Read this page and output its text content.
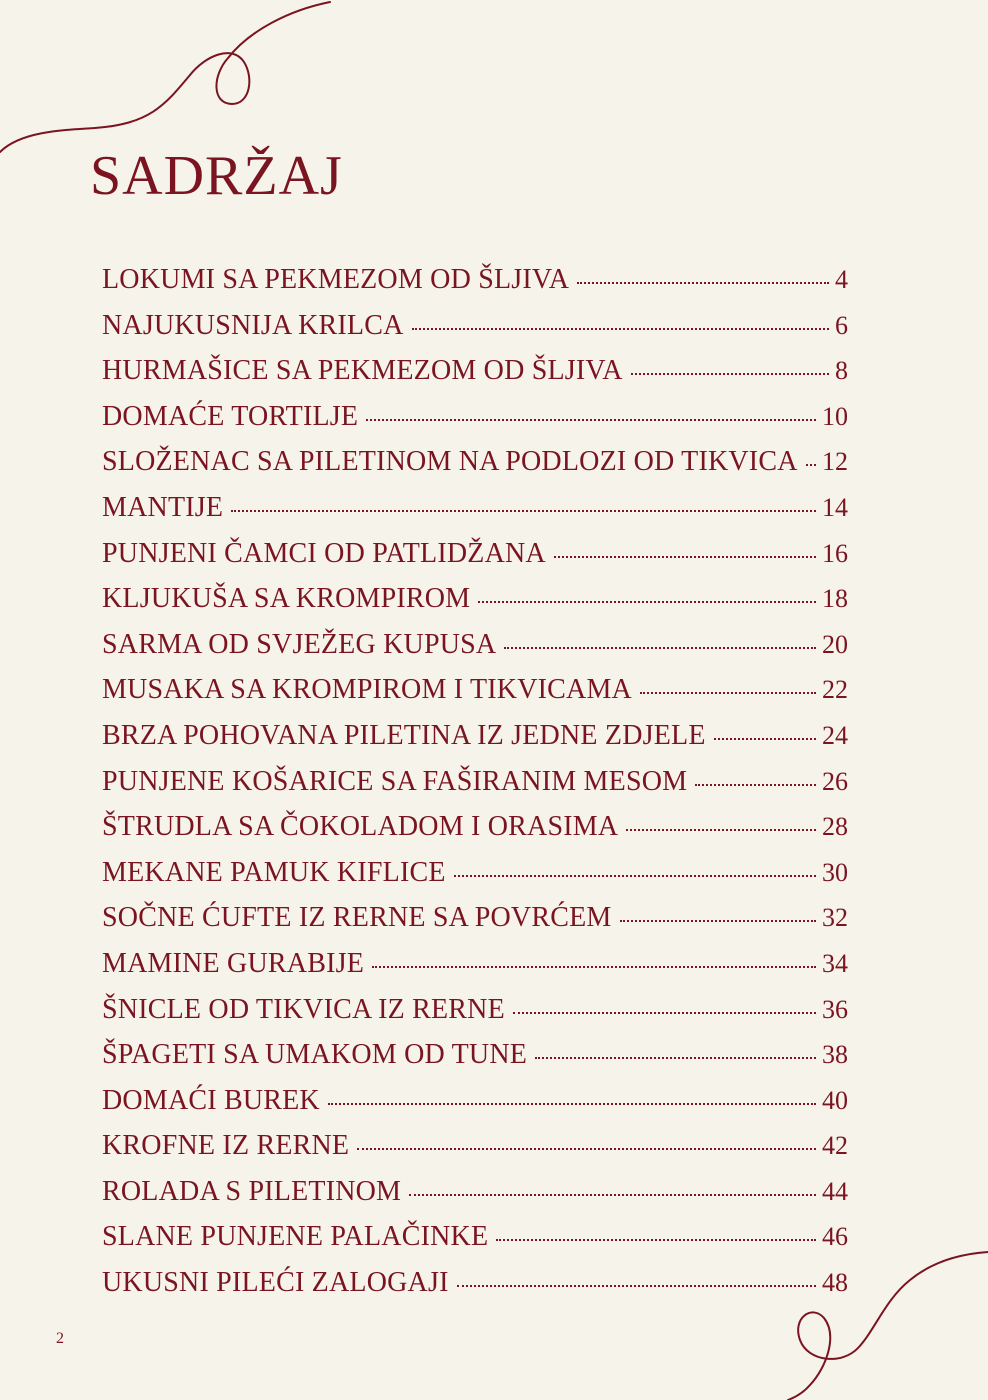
SADRŽAJ
LOKUMI SA PEKMEZOM OD ŠLJIVA	4
NAJUKUSNIJA KRILCA	6
HURMAŠICE SA PEKMEZOM OD ŠLJIVA	8
DOMAĆE TORTILJE	10
SLOŽENAC SA PILETINOM NA PODLOZI OD TIKVICA 12
MANTIJE	14
PUNJENI ČAMCI OD PATLIDŽANA	16
KLJUKUŠA SA KROMPIROM	18
SARMA OD SVJEŽEG KUPUSA	20
MUSAKA SA KROMPIROM I TIKVICAMA	22
BRZA POHOVANA PILETINA IZ JEDNE ZDJELE	24
PUNJENE KOŠARICE SA FAŠIRANIM MESOM	26
ŠTRUDLA SA ČOKOLADOM I ORASIMA	28
MEKANE PAMUK KIFLICE	30
SOČNE ĆUFTE IZ RERNE SA POVRĆEM	32
MAMINE GURABIJE	34
ŠNICLE OD TIKVICA IZ RERNE	36
ŠPAGETI SA UMAKOM OD TUNE	38
DOMAĆI BUREK	40
KROFNE IZ RERNE	42
ROLADA S PILETINOM	44
SLANE PUNJENE PALAČINKE	46
UKUSNI PILEĆI ZALOGAJI	48
2
